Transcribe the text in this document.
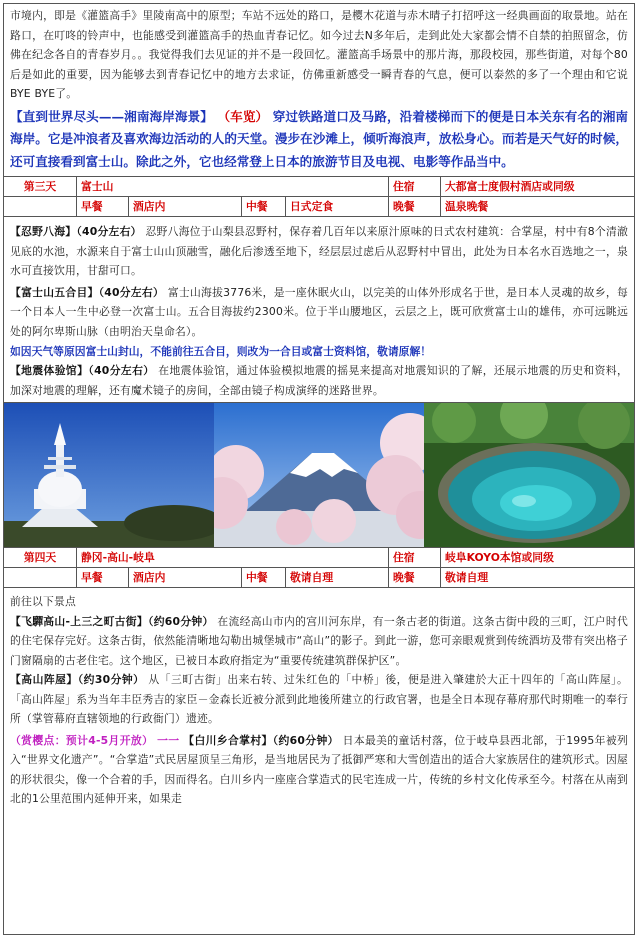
市境内，即是《灌篮高手》里陵南高中的原型；车站不远处的路口，是樱木花道与赤木晴子打招呼这一经典画面的取景地。站在路口，在叮咚的铃声中，也能感受到灌篮高手的热血青春记忆。如今过去N多年后，走到此处大家都会情不自禁的拍照留念，仿佛在纪念各自的青春岁月。。我觉得我们去见证的并不是一段回忆。灌篮高手场景中的那片海，那段校园，那些街道，对每个80后是如此的重要，因为能够去到青春记忆中的地方去求证，仿佛重新感受一瞬青春的气息，便可以泰然的多了一个理由和它说BYE BYE了。
【直到世界尽头——湘南海岸海景】 （车览） 穿过铁路道口及马路，沿着楼梯而下的便是日本关东有名的湘南海岸。它是冲浪者及喜欢海边活动的人的天堂。漫步在沙滩上，倾听海浪声，放松身心。而若是天气好的时候，还可直接看到富士山。除此之外，它也经常登上日本的旅游节目及电视、电影等作品当中。
第三天	富士山	住宿	大都富士度假村酒店或同级
早餐	酒店内	中餐	日式定食	晚餐	温泉晚餐
【忍野八海】（40分左右） 忍野八海位于山梨县忍野村，保存着几百年以来原汁原味的日式农村建筑：合掌屋，村中有8个清澈见底的水池，水源来自于富士山山顶融雪，融化后渗透至地下，经层层过虑后从忍野村中冒出，此处为日本名水百选地之一，泉水可直接饮用，甘甜可口。
【富士山五合目】（40分左右） 富士山海拔3776米，是一座休眠火山，以完美的山体外形成名于世，是日本人灵魂的故乡，每一个日本人一生中必登一次富士山。五合目海拔约2300米。位于半山腰地区，云层之上，既可欣赏富士山的雄伟，亦可远眺远处的阿尔卑斯山脉（由明治天皇命名）。
如因天气等原因富士山封山，不能前往五合目，则改为一合目或富士资料馆，敬请原解！
【地震体验馆】（40分左右） 在地震体验馆，通过体验模拟地震的摇晃来提高对地震知识的了解，还展示地震的历史和资料，加深对地震的理解，还有魔术镜子的房间，全部由镜子构成演绎的迷路世界。
第四天	静冈-高山-岐阜	住宿	岐阜KOYO本馆或同级
早餐	酒店内	中餐	敬请自理	晚餐	敬请自理
前往以下景点
【飞驒高山-上三之町古街】（约60分钟） 在流经高山市内的宫川河东岸，有一条古老的街道。这条古街中段的三町，江户时代的住宅保存完好。这条古街，依然能清晰地勾勒出城堡城市“高山”的影子。到此一游，您可亲眼观赏到传统酒坊及带有突出格子门窗隔扇的古老住宅。这个地区，已被日本政府指定为“重要传统建筑群保护区”。
【高山阵屋】（约30分钟） 从「三町古街」出来右转、过朱红色的「中桥」後，便是进入肇建於大正十四年的「高山阵屋」。「高山阵屋」系为当年丰臣秀吉的家臣－金森长近被分派到此地後所建立的行政官署，也是全日本现存幕府那代时期唯一的奉行所（掌管幕府直辖领地的行政衙门）遗迹。
（赏樱点：预计4-5月开放） 一一 【白川乡合掌村】（约60分钟） 日本最美的童话村落，位于岐阜县西北部，于1995年被列入“世界文化遗产”。“合掌造”式民居屋顶呈三角形，是当地居民为了抵御严寒和大雪创造出的适合大家族居住的建筑形式。因屋的形状很尖，像一个合着的手，因而得名。白川乡内一座座合掌造式的民宅连成一片，传统的乡村文化传承至今。村落在从南到北的1公里范围内延伸开来，如果走
